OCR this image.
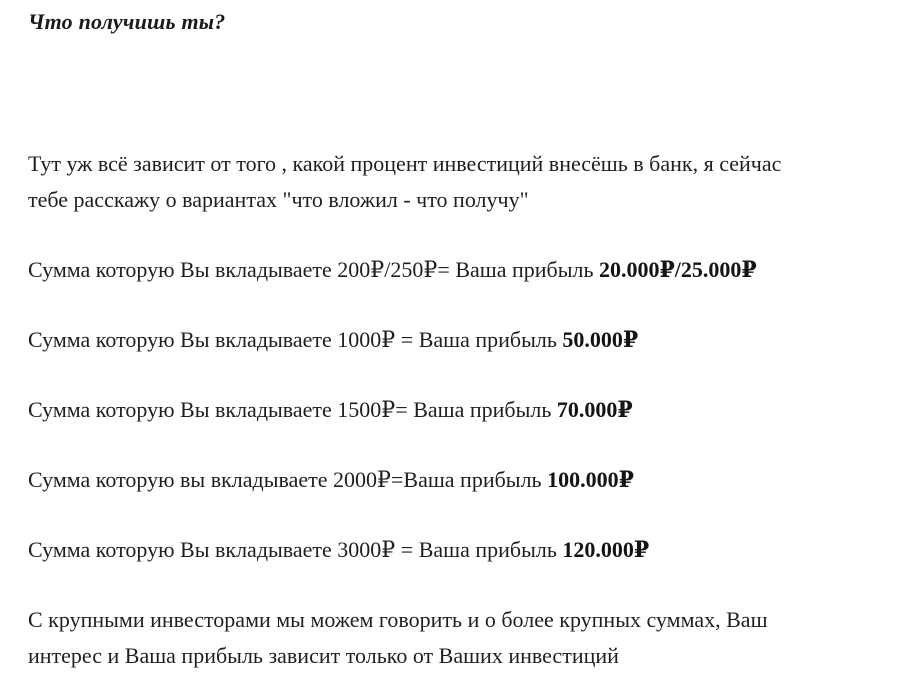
Что получишь ты?

Тут уж всё зависит от того , какой процент инвестиций внесёшь в банк, я сейчас
тебе расскажу о вариантах "что вложил - что получу"

Сумма которую Вы вкладываете 200₽/250₽= Ваша прибыль 20.000₽/25.000₽

Сумма которую Вы вкладываете 1000₽ = Ваша прибыль 50.000₽

Сумма которую Вы вкладываете 1500₽= Ваша прибыль 70.000₽

Сумма которую вы вкладываете 2000₽=Ваша прибыль 100.000₽

Сумма которую Вы вкладываете 3000₽ = Ваша прибыль 120.000₽

С крупными инвесторами мы можем говорить и о более крупных суммах, Ваш
интерес и Ваша прибыль зависит только от Ваших инвестиций
